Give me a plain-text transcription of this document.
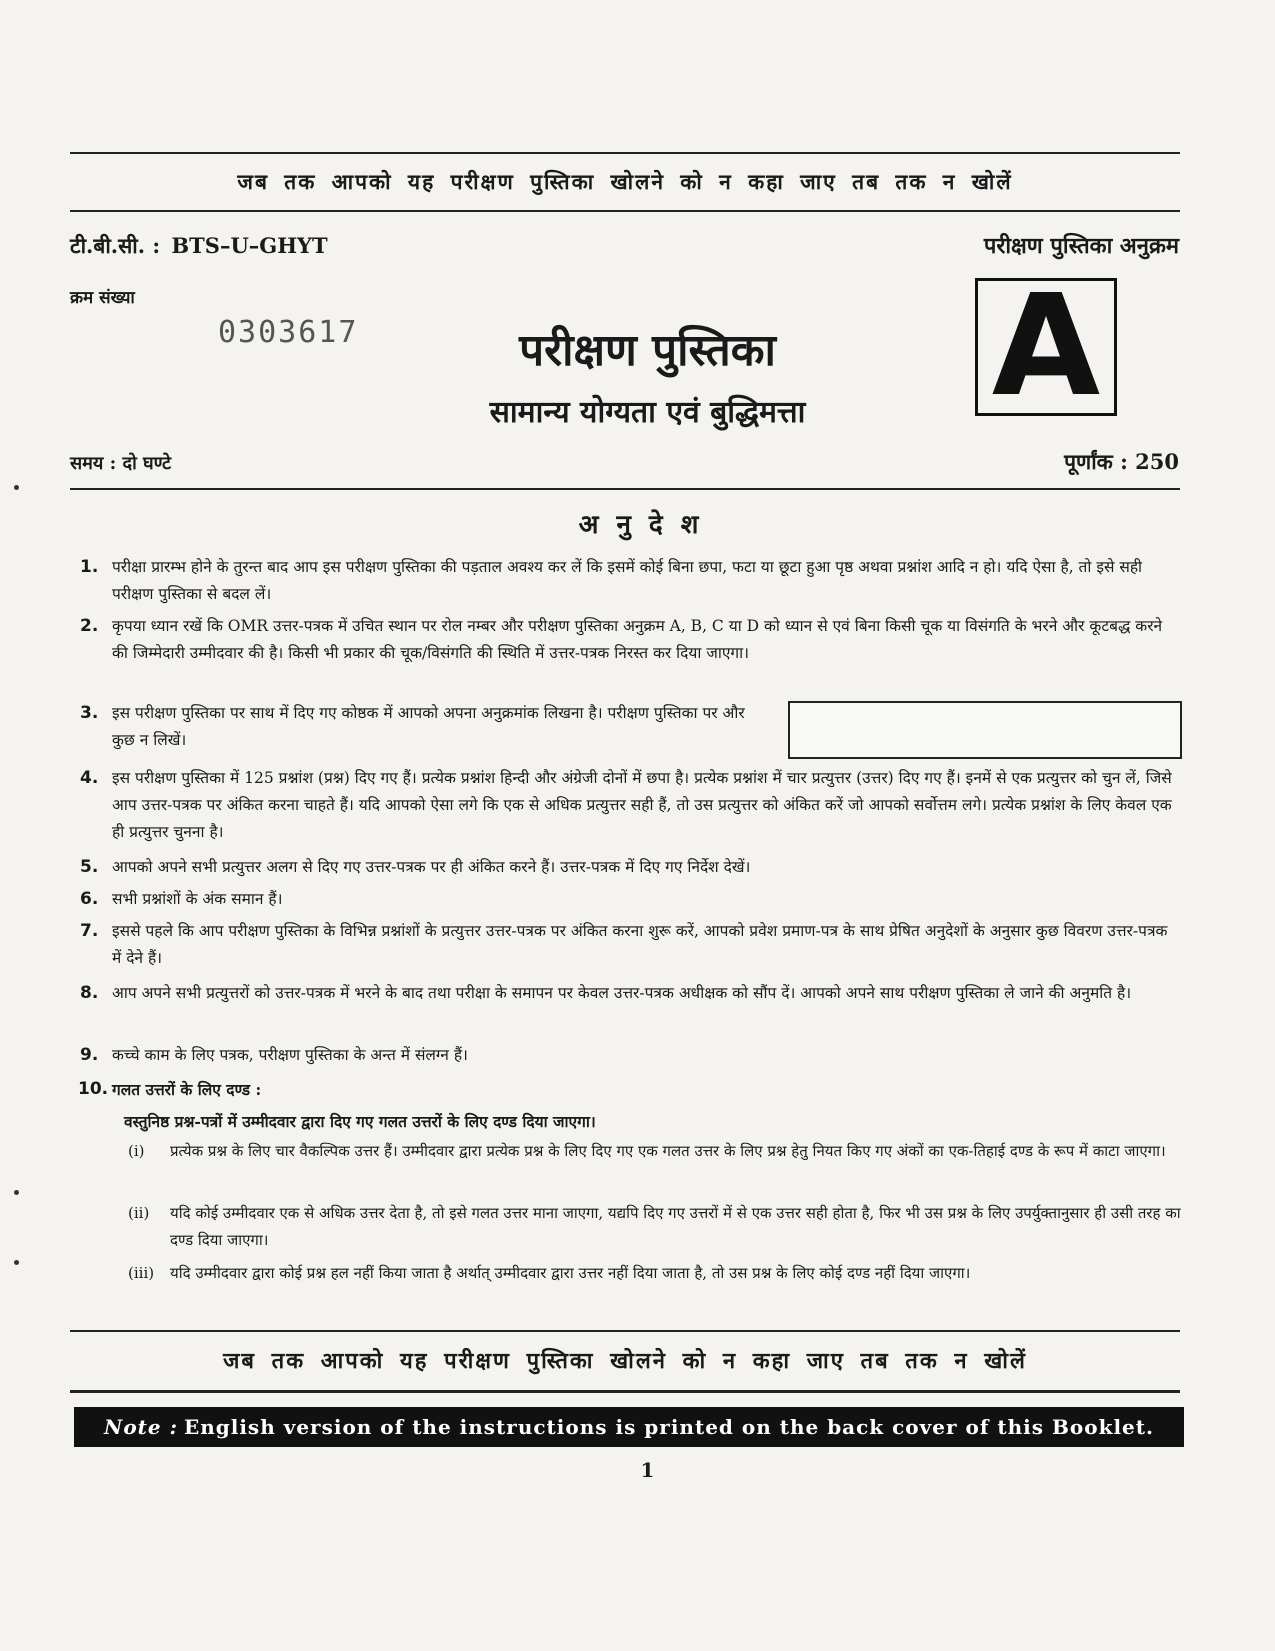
जब तक आपको यह परीक्षण पुस्तिका खोलने को न कहा जाए तब तक न खोलें
टी.बी.सी. : BTS–U–GHYT	परीक्षण पुस्तिका अनुक्रम
क्रम संख्या
0303617	परीक्षण पुस्तिका
सामान्य योग्यता एवं बुद्धिमत्ता	A
समय : दो घण्टे	पूर्णांक : 250
अनुदेश
1. परीक्षा प्रारम्भ होने के तुरन्त बाद आप इस परीक्षण पुस्तिका की पड़ताल अवश्य कर लें कि इसमें कोई बिना छपा, फटा या छूटा हुआ पृष्ठ अथवा प्रश्नांश आदि न हो। यदि ऐसा है, तो इसे सही परीक्षण पुस्तिका से बदल लें।
2. कृपया ध्यान रखें कि OMR उत्तर-पत्रक में उचित स्थान पर रोल नम्बर और परीक्षण पुस्तिका अनुक्रम A, B, C या D को ध्यान से एवं बिना किसी चूक या विसंगति के भरने और कूटबद्ध करने की जिम्मेदारी उम्मीदवार की है। किसी भी प्रकार की चूक/विसंगति की स्थिति में उत्तर-पत्रक निरस्त कर दिया जाएगा।
3. इस परीक्षण पुस्तिका पर साथ में दिए गए कोष्ठक में आपको अपना अनुक्रमांक लिखना है। परीक्षण पुस्तिका पर और कुछ न लिखें।
4. इस परीक्षण पुस्तिका में 125 प्रश्नांश (प्रश्न) दिए गए हैं। प्रत्येक प्रश्नांश हिन्दी और अंग्रेजी दोनों में छपा है। प्रत्येक प्रश्नांश में चार प्रत्युत्तर (उत्तर) दिए गए हैं। इनमें से एक प्रत्युत्तर को चुन लें, जिसे आप उत्तर-पत्रक पर अंकित करना चाहते हैं। यदि आपको ऐसा लगे कि एक से अधिक प्रत्युत्तर सही हैं, तो उस प्रत्युत्तर को अंकित करें जो आपको सर्वोत्तम लगे। प्रत्येक प्रश्नांश के लिए केवल एक ही प्रत्युत्तर चुनना है।
5. आपको अपने सभी प्रत्युत्तर अलग से दिए गए उत्तर-पत्रक पर ही अंकित करने हैं। उत्तर-पत्रक में दिए गए निर्देश देखें।
6. सभी प्रश्नांशों के अंक समान हैं।
7. इससे पहले कि आप परीक्षण पुस्तिका के विभिन्न प्रश्नांशों के प्रत्युत्तर उत्तर-पत्रक पर अंकित करना शुरू करें, आपको प्रवेश प्रमाण-पत्र के साथ प्रेषित अनुदेशों के अनुसार कुछ विवरण उत्तर-पत्रक में देने हैं।
8. आप अपने सभी प्रत्युत्तरों को उत्तर-पत्रक में भरने के बाद तथा परीक्षा के समापन पर केवल उत्तर-पत्रक अधीक्षक को सौंप दें। आपको अपने साथ परीक्षण पुस्तिका ले जाने की अनुमति है।
9. कच्चे काम के लिए पत्रक, परीक्षण पुस्तिका के अन्त में संलग्न हैं।
10. गलत उत्तरों के लिए दण्ड :
वस्तुनिष्ठ प्रश्न-पत्रों में उम्मीदवार द्वारा दिए गए गलत उत्तरों के लिए दण्ड दिया जाएगा।
(i)	प्रत्येक प्रश्न के लिए चार वैकल्पिक उत्तर हैं। उम्मीदवार द्वारा प्रत्येक प्रश्न के लिए दिए गए एक गलत उत्तर के लिए प्रश्न हेतु नियत किए गए अंकों का एक-तिहाई दण्ड के रूप में काटा जाएगा।
(ii)	यदि कोई उम्मीदवार एक से अधिक उत्तर देता है, तो इसे गलत उत्तर माना जाएगा, यद्यपि दिए गए उत्तरों में से एक उत्तर सही होता है, फिर भी उस प्रश्न के लिए उपर्युक्तानुसार ही उसी तरह का दण्ड दिया जाएगा।
(iii)	यदि उम्मीदवार द्वारा कोई प्रश्न हल नहीं किया जाता है अर्थात् उम्मीदवार द्वारा उत्तर नहीं दिया जाता है, तो उस प्रश्न के लिए कोई दण्ड नहीं दिया जाएगा।
जब तक आपको यह परीक्षण पुस्तिका खोलने को न कहा जाए तब तक न खोलें
Note : English version of the instructions is printed on the back cover of this Booklet.
1
